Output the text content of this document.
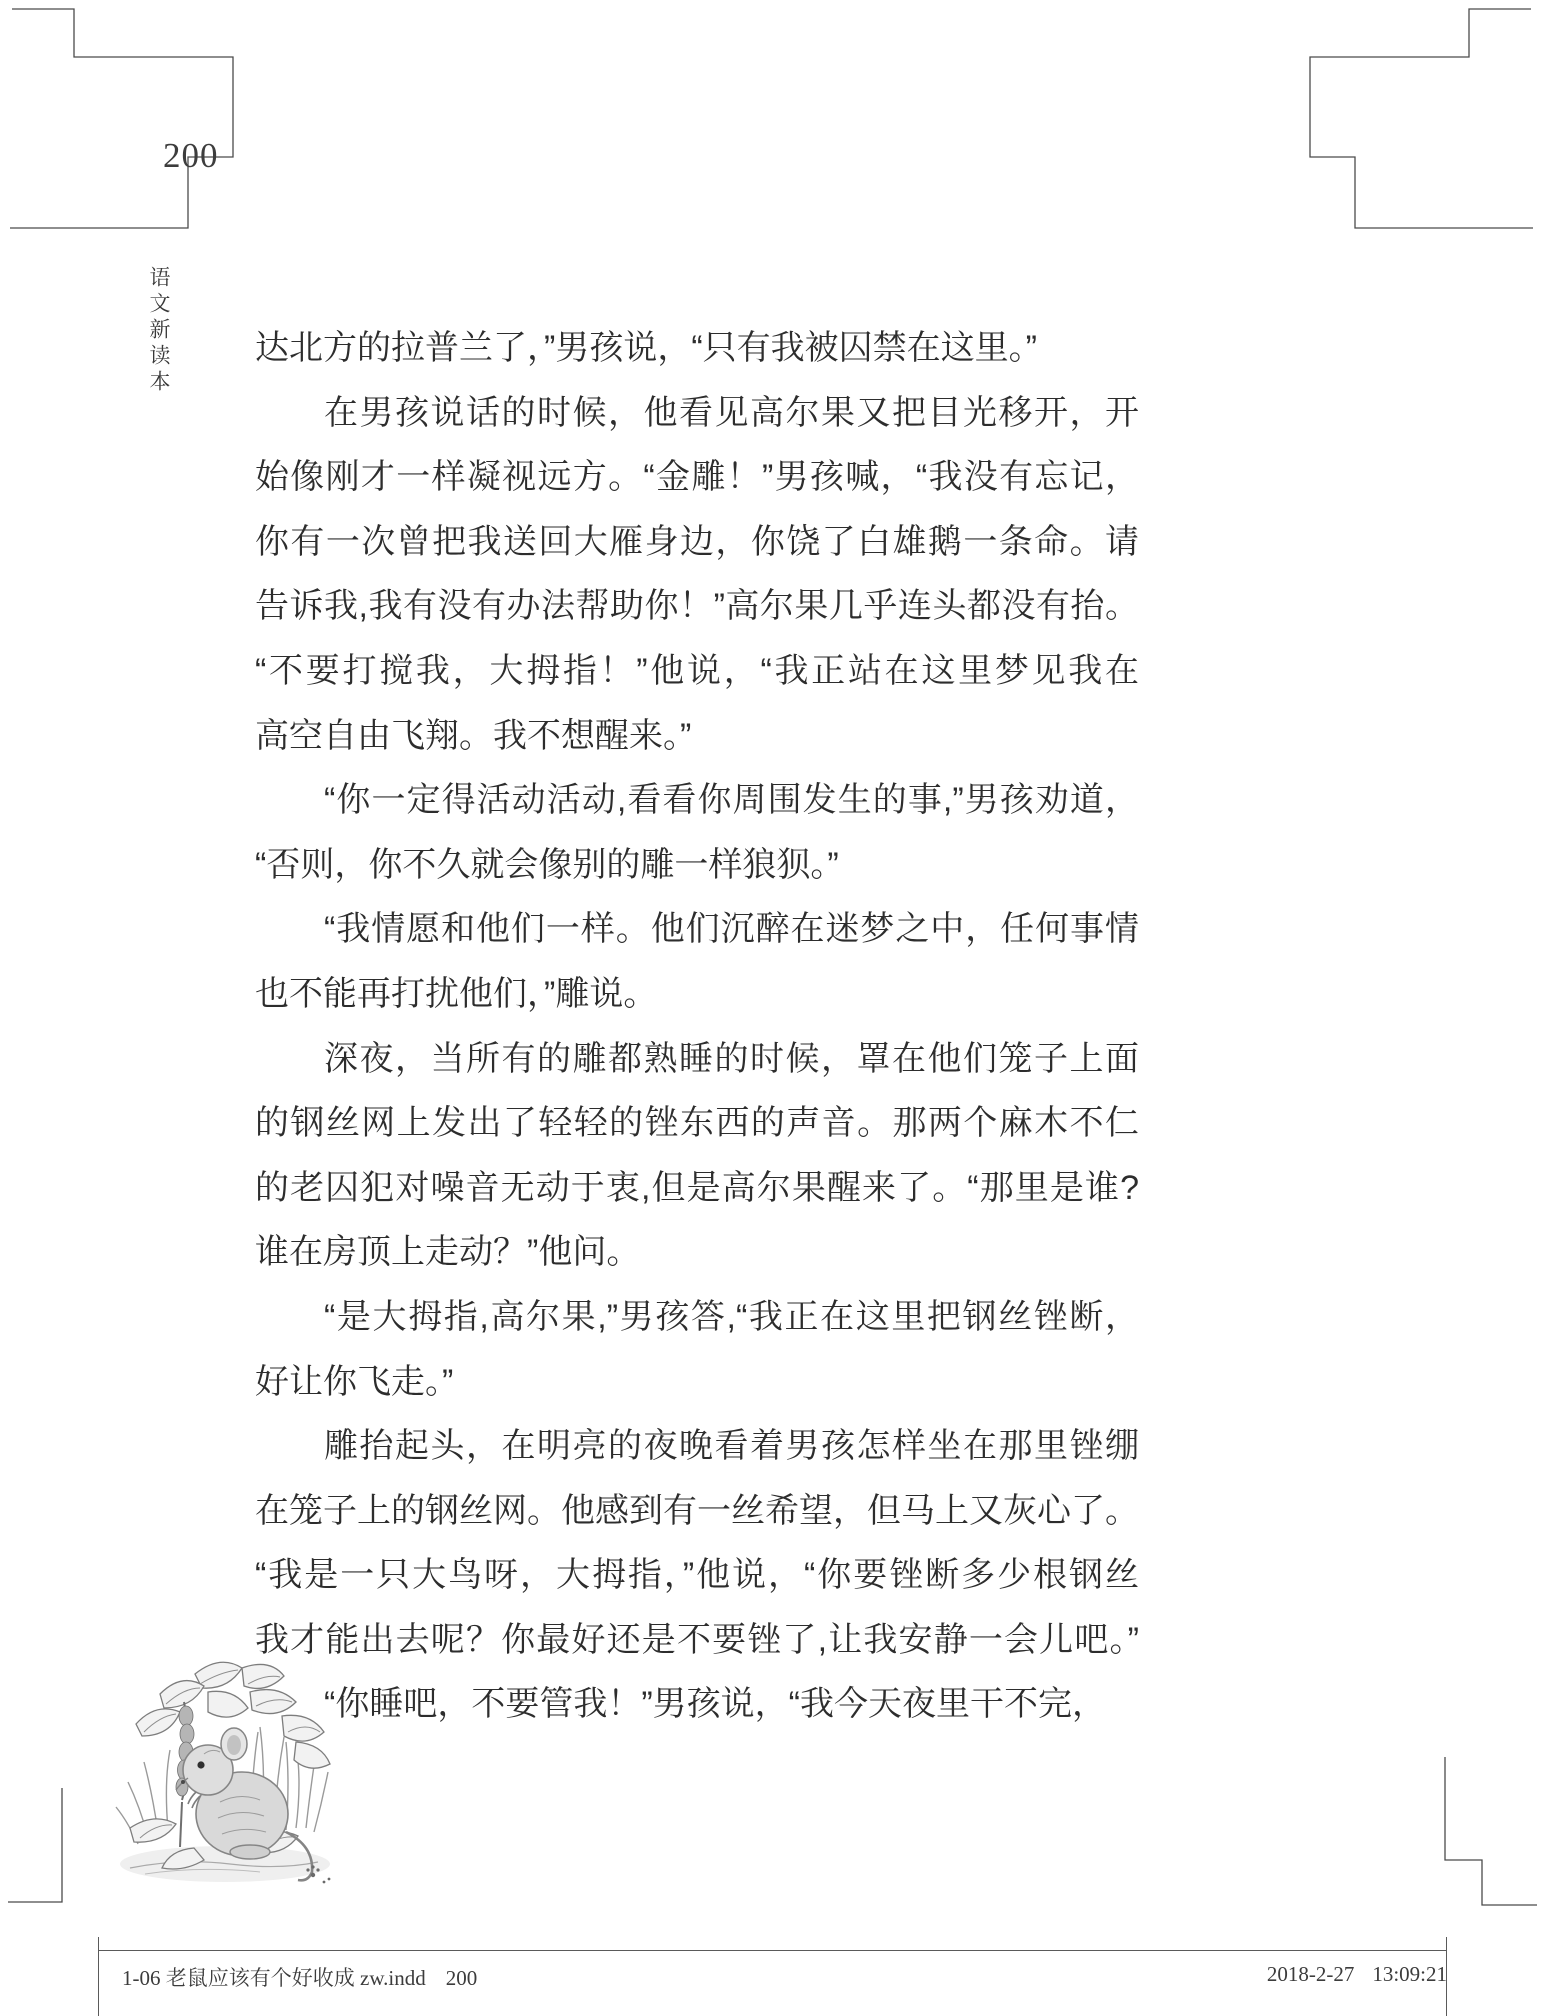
200
语文新读本	达北方的拉普兰了，”男孩说，“只有我被囚禁在这里。”
在男孩说话的时候，他看见高尔果又把目光移开，开
始像刚才一样凝视远方。“金雕！”男孩喊，“我没有忘记，
你有一次曾把我送回大雁身边，你饶了白雄鹅一条命。请
告诉我,我有没有办法帮助你！”高尔果几乎连头都没有抬。
“不要打搅我，大拇指！”他说，“我正站在这里梦见我在
高空自由飞翔。我不想醒来。”
“你一定得活动活动,看看你周围发生的事,”男孩劝道，
“否则，你不久就会像别的雕一样狼狈。”
“我情愿和他们一样。他们沉醉在迷梦之中，任何事情
也不能再打扰他们，”雕说。
深夜，当所有的雕都熟睡的时候，罩在他们笼子上面
的钢丝网上发出了轻轻的锉东西的声音。那两个麻木不仁
的老囚犯对噪音无动于衷,但是高尔果醒来了。“那里是谁?
谁在房顶上走动？”他问。
“是大拇指,高尔果,”男孩答,“我正在这里把钢丝锉断，
好让你飞走。”
雕抬起头，在明亮的夜晚看着男孩怎样坐在那里锉绷
在笼子上的钢丝网。他感到有一丝希望，但马上又灰心了。
“我是一只大鸟呀，大拇指，”他说，“你要锉断多少根钢丝
我才能出去呢？你最好还是不要锉了,让我安静一会儿吧。”
“你睡吧，不要管我！”男孩说，“我今天夜里干不完，
1-06 老鼠应该有个好收成 zw.indd 200	2018-2-27 13:09:21
